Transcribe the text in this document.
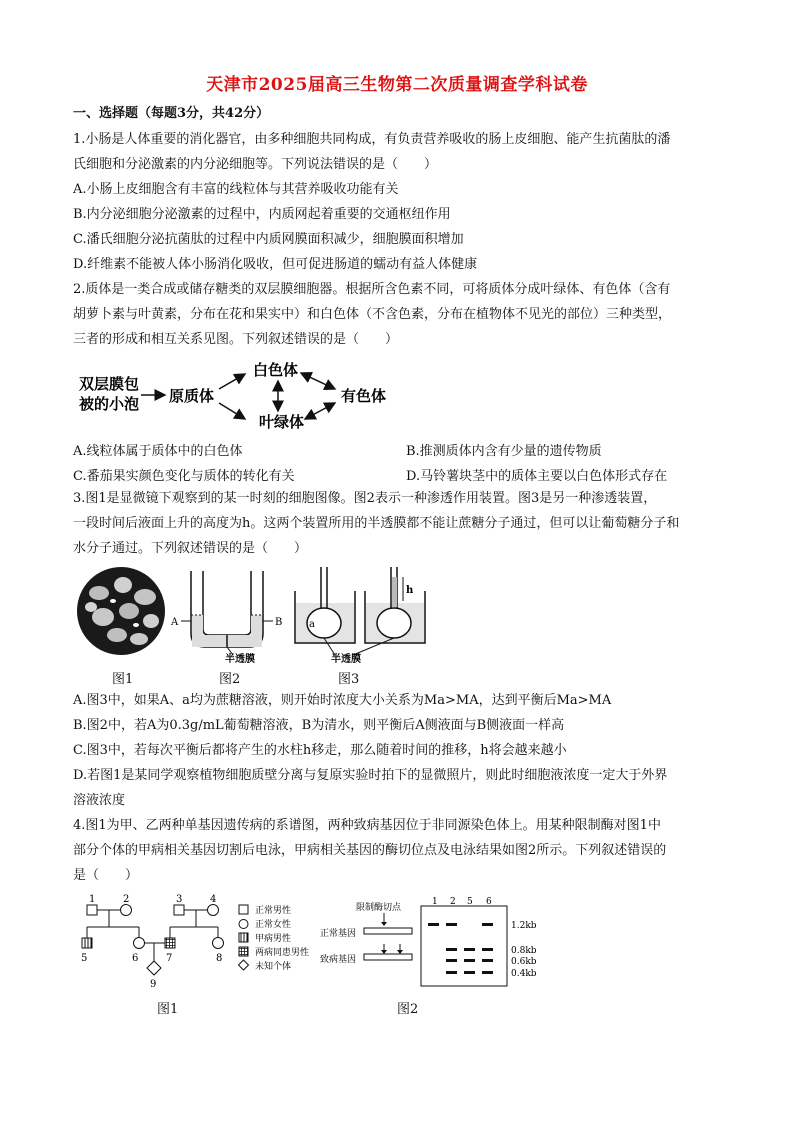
天津市2025届高三生物第二次质量调查学科试卷
一、选择题（每题3分，共42分）
1.小肠是人体重要的消化器官，由多种细胞共同构成，有负责营养吸收的肠上皮细胞、能产生抗菌肽的潘
氏细胞和分泌激素的内分泌细胞等。下列说法错误的是（　　）
A.小肠上皮细胞含有丰富的线粒体与其营养吸收功能有关
B.内分泌细胞分泌激素的过程中，内质网起着重要的交通枢纽作用
C.潘氏细胞分泌抗菌肽的过程中内质网膜面积减少，细胞膜面积增加
D.纤维素不能被人体小肠消化吸收，但可促进肠道的蠕动有益人体健康
2.质体是一类合成或储存糖类的双层膜细胞器。根据所含色素不同，可将质体分成叶绿体、有色体（含有
胡萝卜素与叶黄素，分布在花和果实中）和白色体（不含色素，分布在植物体不见光的部位）三种类型，
三者的形成和相互关系见图。下列叙述错误的是（　　）
双层膜包
被的小泡 原质体
白色体
叶绿体
有色体
A.线粒体属于质体中的白色体	B.推测质体内含有少量的遗传物质
C.番茄果实颜色变化与质体的转化有关	D.马铃薯块茎中的质体主要以白色体形式存在
3.图1是显微镜下观察到的某一时刻的细胞图像。图2表示一种渗透作用装置。图3是另一种渗透装置，
一段时间后液面上升的高度为h。这两个装置所用的半透膜都不能让蔗糖分子通过，但可以让葡萄糖分子和
水分子通过。下列叙述错误的是（　　）
A	B
半透膜
h
a
半透膜
图1	图2	图3
A.图3中，如果A、a均为蔗糖溶液，则开始时浓度大小关系为Ma>MA，达到平衡后Ma>MA
B.图2中，若A为0.3g/mL葡萄糖溶液，B为清水，则平衡后A侧液面与B侧液面一样高
C.图3中，若每次平衡后都将产生的水柱h移走，那么随着时间的推移，h将会越来越小
D.若图1是某同学观察植物细胞质壁分离与复原实验时拍下的显微照片，则此时细胞液浓度一定大于外界
溶液浓度
4.图1为甲、乙两种单基因遗传病的系谱图，两种致病基因位于非同源染色体上。用某种限制酶对图1中
部分个体的甲病相关基因切割后电泳，甲病相关基因的酶切位点及电泳结果如图2所示。下列叙述错误的
是（　　）
1	2	3	4
5	6	7	8
9
正常男性
正常女性
甲病男性
两病同患男性
未知个体
限制酶切点
正常基因
致病基因
1 2 5 6
1.2kb
0.8kb
0.6kb
0.4kb
图1	图2
